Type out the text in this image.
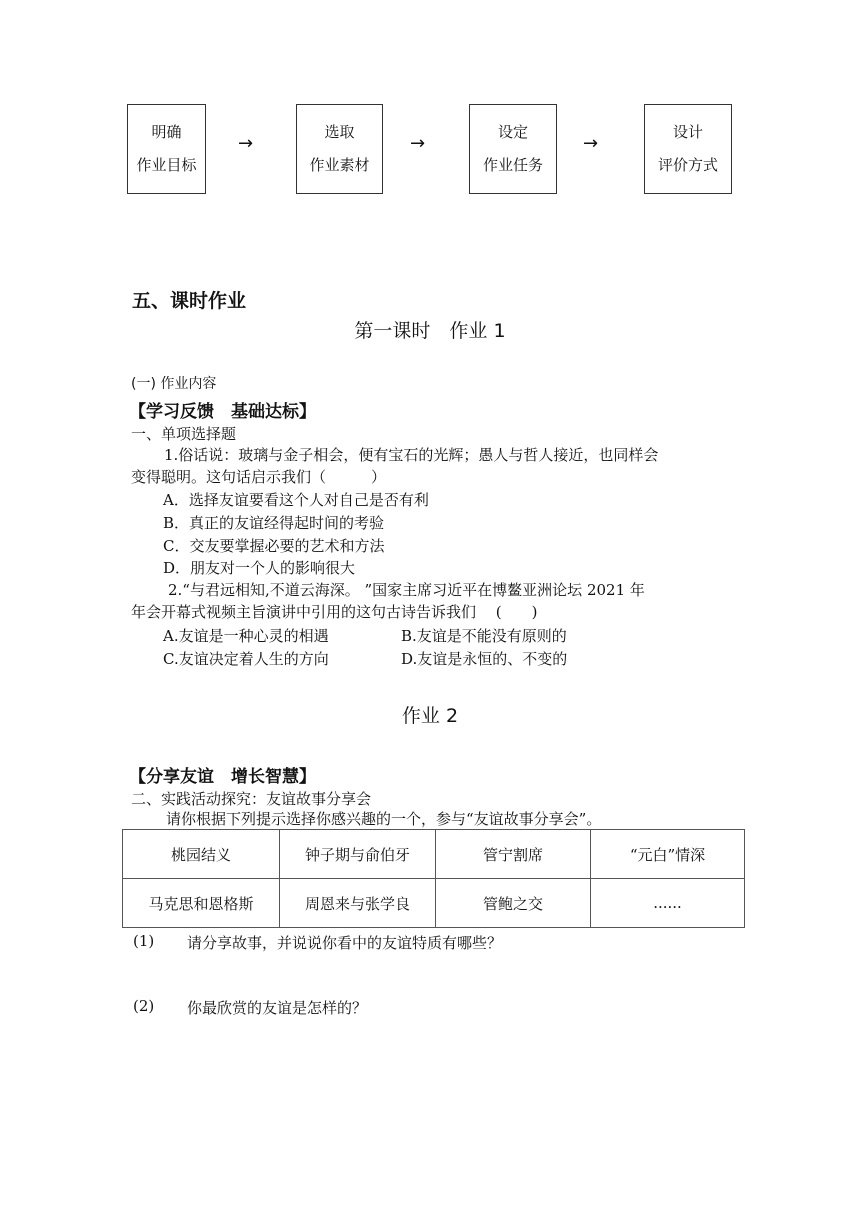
明确
作业目标
→
选取
作业素材
→
设定
作业任务
→
设计
评价方式
五、课时作业
第一课时　作业 1
(一) 作业内容
【学习反馈　基础达标】
一、单项选择题
1.俗话说：玻璃与金子相会，便有宝石的光辉；愚人与哲人接近，也同样会
变得聪明。这句话启示我们（　　　）
A．选择友谊要看这个人对自己是否有利
B．真正的友谊经得起时间的考验
C．交友要掌握必要的艺术和方法
D．朋友对一个人的影响很大
2.“与君远相知,不道云海深。 ”国家主席习近平在博鳌亚洲论坛 2021 年
年会开幕式视频主旨演讲中引用的这句古诗告诉我们　 (　　)
A.友谊是一种心灵的相遇	B.友谊是不能没有原则的
C.友谊决定着人生的方向	D.友谊是永恒的、不变的
作业 2
【分享友谊　增长智慧】
二、实践活动探究：友谊故事分享会
请你根据下列提示选择你感兴趣的一个，参与“友谊故事分享会”。
桃园结义	钟子期与俞伯牙	管宁割席	“元白”情深
马克思和恩格斯	周恩来与张学良	管鲍之交	......
(1) 请分享故事，并说说你看中的友谊特质有哪些？
(2) 你最欣赏的友谊是怎样的？
